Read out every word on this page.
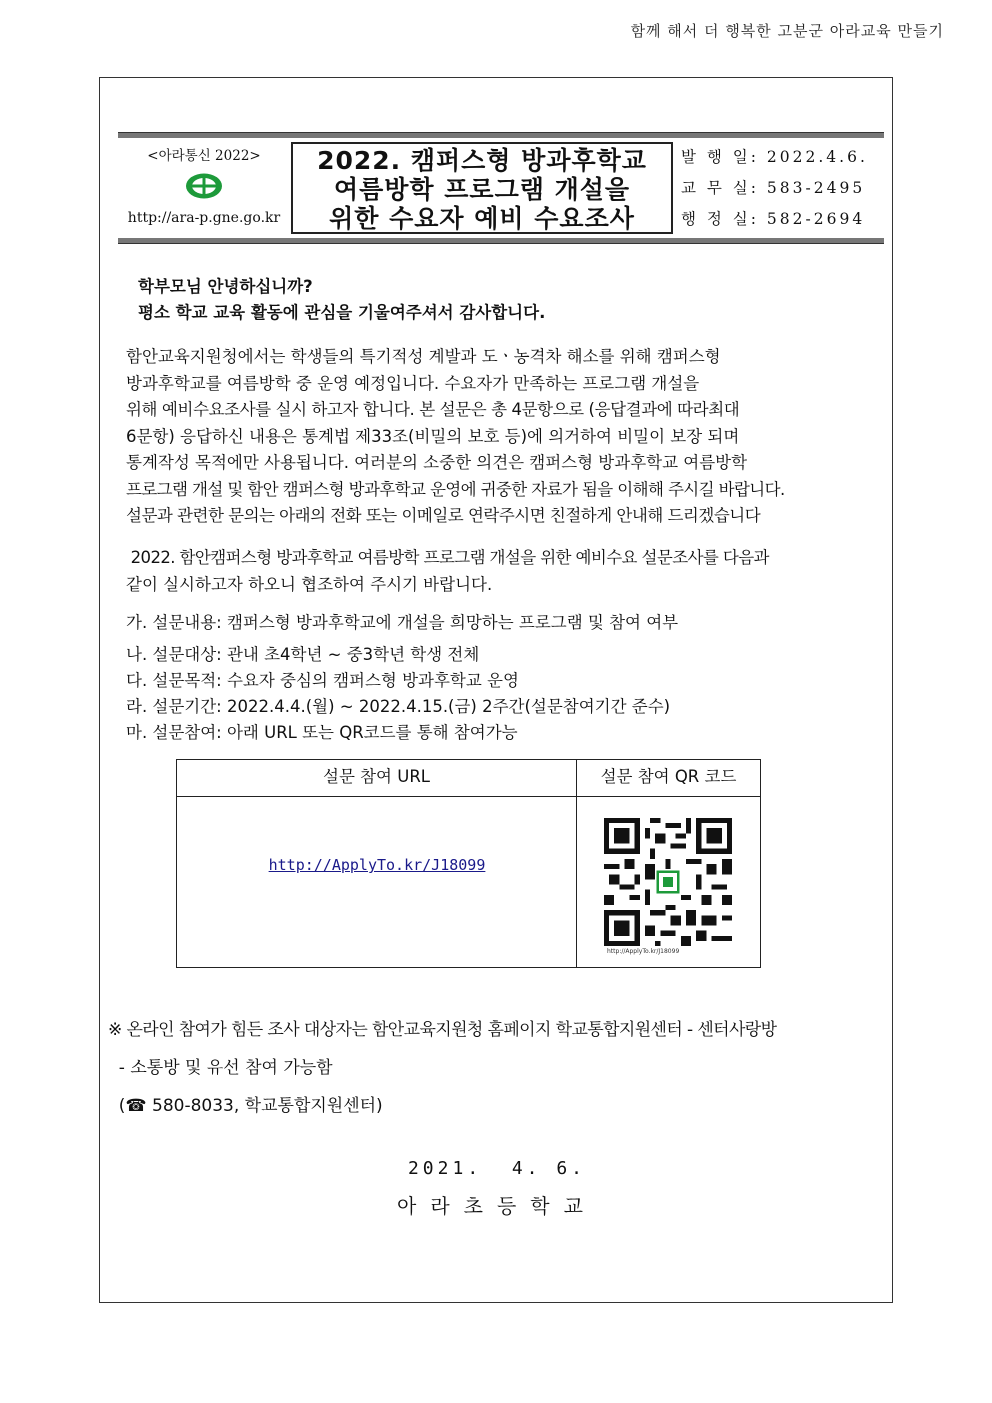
함께 해서 더 행복한 고분군 아라교육 만들기
<아라통신 2022>
http://ara-p.gne.go.kr
2022. 캠퍼스형 방과후학교
여름방학 프로그램 개설을
위한 수요자 예비 수요조사
발 행 일: 2022.4.6.
교 무 실: 583-2495
행 정 실: 582-2694
학부모님 안녕하십니까?
평소 학교 교육 활동에 관심을 기울여주셔서 감사합니다.
함안교육지원청에서는 학생들의 특기적성 계발과 도ㆍ농격차 해소를 위해 캠퍼스형
방과후학교를 여름방학 중 운영 예정입니다. 수요자가 만족하는 프로그램 개설을
위해 예비수요조사를 실시 하고자 합니다. 본 설문은 총 4문항으로 (응답결과에 따라최대
6문항) 응답하신 내용은 통계법 제33조(비밀의 보호 등)에 의거하여 비밀이 보장 되며
통계작성 목적에만 사용됩니다. 여러분의 소중한 의견은 캠퍼스형 방과후학교 여름방학
프로그램 개설 및 함안 캠퍼스형 방과후학교 운영에 귀중한 자료가 됨을 이해해 주시길 바랍니다.
설문과 관련한 문의는 아래의 전화 또는 이메일로 연락주시면 친절하게 안내해 드리겠습니다
2022. 함안캠퍼스형 방과후학교 여름방학 프로그램 개설을 위한 예비수요 설문조사를 다음과
같이 실시하고자 하오니 협조하여 주시기 바랍니다.
가. 설문내용: 캠퍼스형 방과후학교에 개설을 희망하는 프로그램 및 참여 여부
나. 설문대상: 관내 초4학년 ~ 중3학년 학생 전체
다. 설문목적: 수요자 중심의 캠퍼스형 방과후학교 운영
라. 설문기간: 2022.4.4.(월) ~ 2022.4.15.(금) 2주간(설문참여기간 준수)
마. 설문참여: 아래 URL 또는 QR코드를 통해 참여가능
설문 참여 URL
http://ApplyTo.kr/J18099
설문 참여 QR 코드
http://ApplyTo.kr/J18099
※ 온라인 참여가 힘든 조사 대상자는 함안교육지원청 홈페이지 학교통합지원센터 - 센터사랑방
- 소통방 및 유선 참여 가능함
(☎ 580-8033, 학교통합지원센터)
2021.  4. 6.
아라초등학교
